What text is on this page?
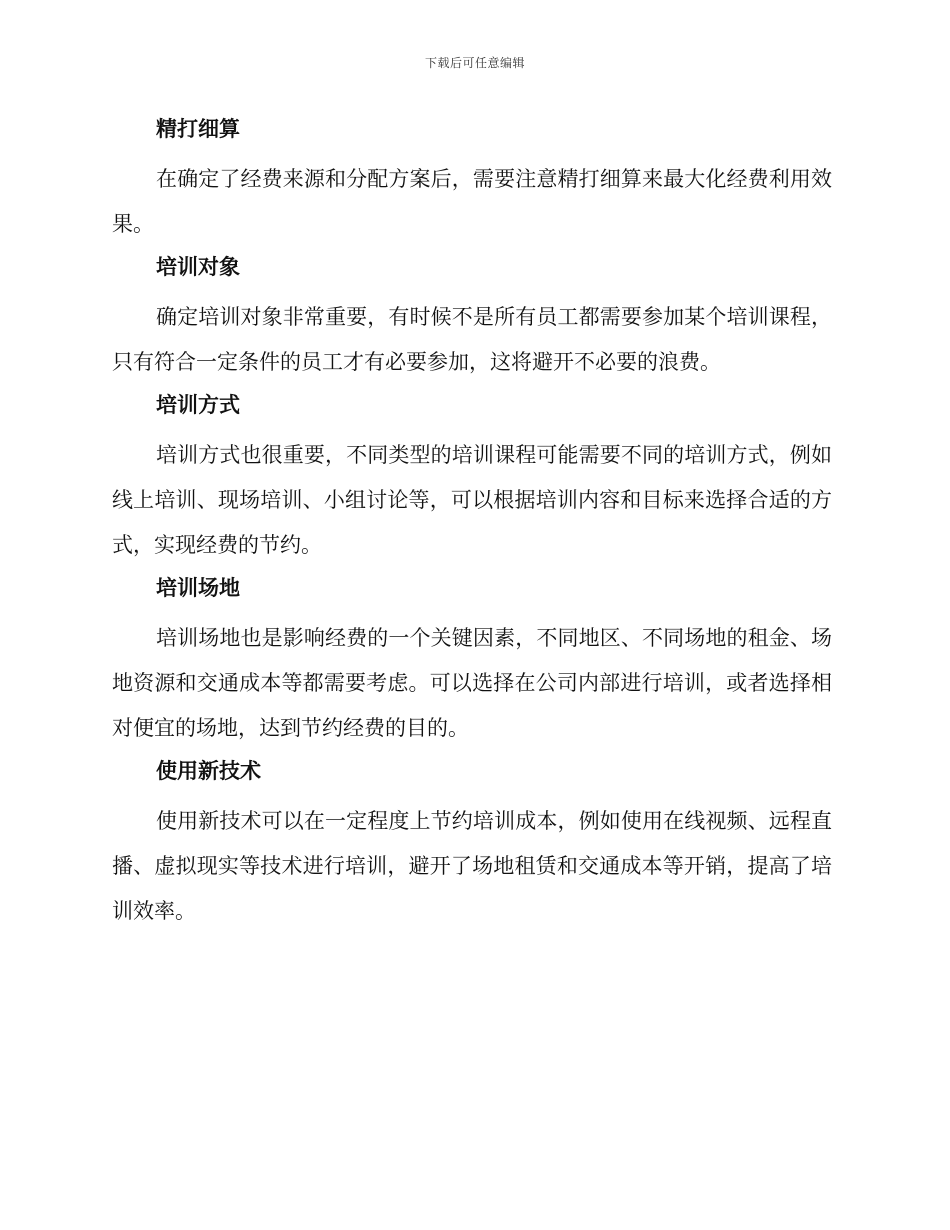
下载后可任意编辑
精打细算

在确定了经费来源和分配方案后，需要注意精打细算来最大化经费利用效果。

培训对象

确定培训对象非常重要，有时候不是所有员工都需要参加某个培训课程，只有符合一定条件的员工才有必要参加，这将避开不必要的浪费。

培训方式

培训方式也很重要，不同类型的培训课程可能需要不同的培训方式，例如线上培训、现场培训、小组讨论等，可以根据培训内容和目标来选择合适的方式，实现经费的节约。

培训场地

培训场地也是影响经费的一个关键因素，不同地区、不同场地的租金、场地资源和交通成本等都需要考虑。可以选择在公司内部进行培训，或者选择相对便宜的场地，达到节约经费的目的。

使用新技术

使用新技术可以在一定程度上节约培训成本，例如使用在线视频、远程直播、虚拟现实等技术进行培训，避开了场地租赁和交通成本等开销，提高了培训效率。
